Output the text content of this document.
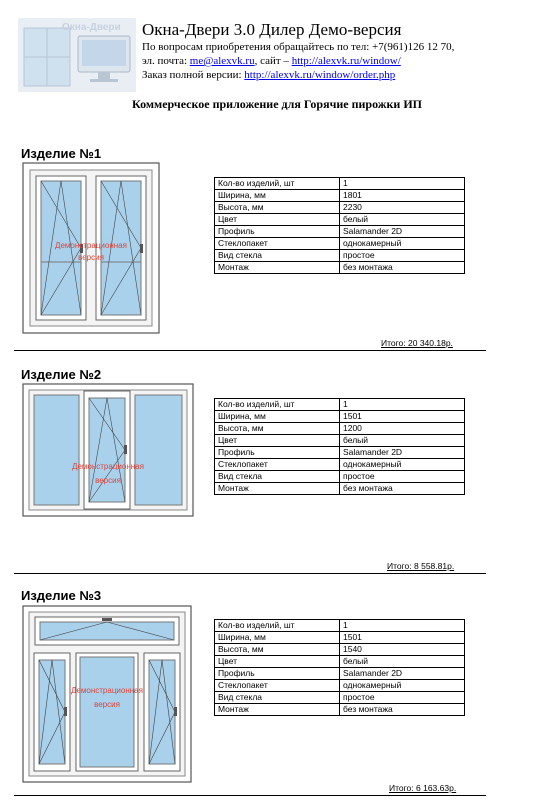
Окна-Двери Окна-Двери 3.0 Дилер Демо-версия
По вопросам приобретения обращайтесь по тел: +7(961)126 12 70,
эл. почта: me@alexvk.ru, сайт – http://alexvk.ru/window/
Заказ полной версии: http://alexvk.ru/window/order.php
Коммерческое приложение для Горячие пирожки ИП
Изделие №1
Демонстрационная
версия
Кол-во изделий, шт	1
Ширина, мм	1801
Высота, мм	2230
Цвет	белый
Профиль	Salamander 2D
Стеклопакет	однокамерный
Вид стекла	простое
Монтаж	без монтажа
Итого: 20 340.18р.
Изделие №2
Демонстрационная
версия
Кол-во изделий, шт	1
Ширина, мм	1501
Высота, мм	1200
Цвет	белый
Профиль	Salamander 2D
Стеклопакет	однокамерный
Вид стекла	простое
Монтаж	без монтажа
Итого: 8 558.81р.
Изделие №3
Демонстрационная
версия
Кол-во изделий, шт	1
Ширина, мм	1501
Высота, мм	1540
Цвет	белый
Профиль	Salamander 2D
Стеклопакет	однокамерный
Вид стекла	простое
Монтаж	без монтажа
Итого: 6 163.63р.
